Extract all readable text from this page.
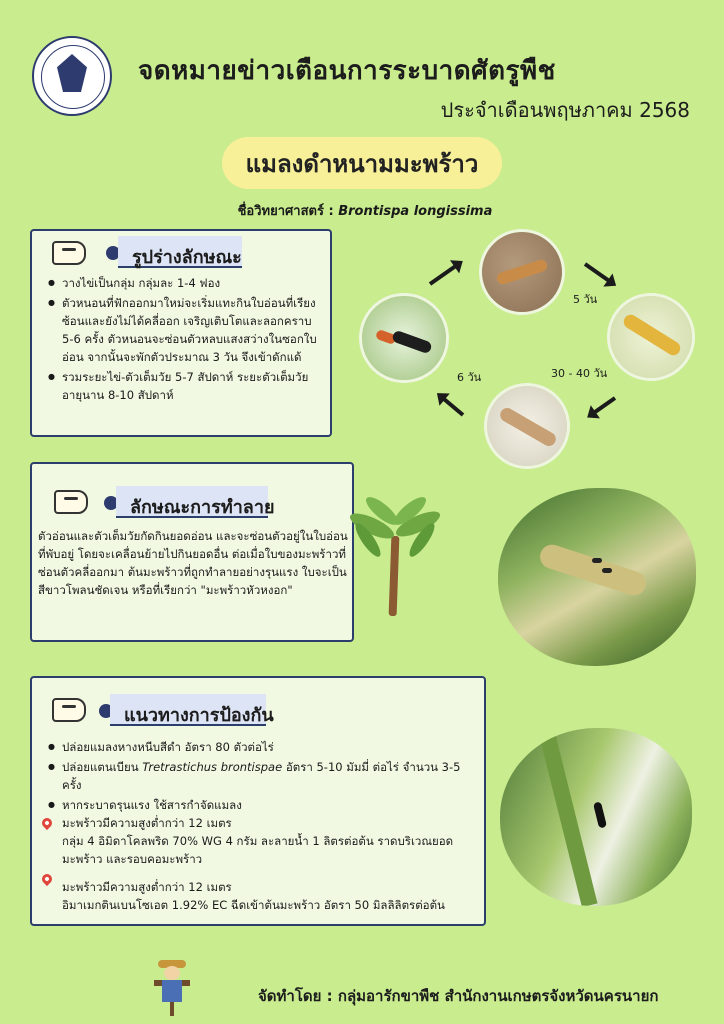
จดหมายข่าวเตือนการระบาดศัตรูพืช
ประจำเดือนพฤษภาคม 2568
แมลงดำหนามมะพร้าว
ชื่อวิทยาศาสตร์ : Brontispa longissima
รูปร่างลักษณะ
● วางไข่เป็นกลุ่ม กลุ่มละ 1-4 ฟอง
● ตัวหนอนที่ฟักออกมาใหม่จะเริ่มแทะกินใบอ่อนที่เรียงซ้อนและยังไม่ได้คลี่ออก เจริญเติบโตและลอกคราบ 5-6 ครั้ง ตัวหนอนจะซ่อนตัวหลบแสงสว่างในซอกใบอ่อน จากนั้นจะพักตัวประมาณ 3 วัน จึงเข้าดักแด้
● รวมระยะไข่-ตัวเต็มวัย 5-7 สัปดาห์ ระยะตัวเต็มวัยอายุนาน 8-10 สัปดาห์
5 วัน
30 - 40 วัน
6 วัน
ลักษณะการทำลาย
ตัวอ่อนและตัวเต็มวัยกัดกินยอดอ่อน และจะซ่อนตัวอยู่ในใบอ่อนที่พับอยู่ โดยจะเคลื่อนย้ายไปกินยอดอื่น ต่อเมื่อใบของมะพร้าวที่ซ่อนตัวคลี่ออกมา ต้นมะพร้าวที่ถูกทำลายอย่างรุนแรง ใบจะเป็นสีขาวโพลนชัดเจน หรือที่เรียกว่า "มะพร้าวหัวหงอก"
แนวทางการป้องกัน
● ปล่อยแมลงหางหนีบสีดำ อัตรา 80 ตัวต่อไร่
● ปล่อยแตนเบียน Tretrastichus brontispae อัตรา 5-10 มัมมี่ ต่อไร่ จำนวน 3-5 ครั้ง
● หากระบาดรุนแรง ใช้สารกำจัดแมลง
มะพร้าวมีความสูงต่ำกว่า 12 เมตร
กลุ่ม 4 อิมิดาโคลพริด 70% WG 4 กรัม ละลายน้ำ 1 ลิตรต่อต้น ราดบริเวณยอดมะพร้าว และรอบคอมะพร้าว
มะพร้าวมีความสูงต่ำกว่า 12 เมตร
อิมาเมกตินเบนโซเอต 1.92% EC ฉีดเข้าต้นมะพร้าว อัตรา 50 มิลลิลิตรต่อต้น
จัดทำโดย : กลุ่มอารักขาพืช สำนักงานเกษตรจังหวัดนครนายก
